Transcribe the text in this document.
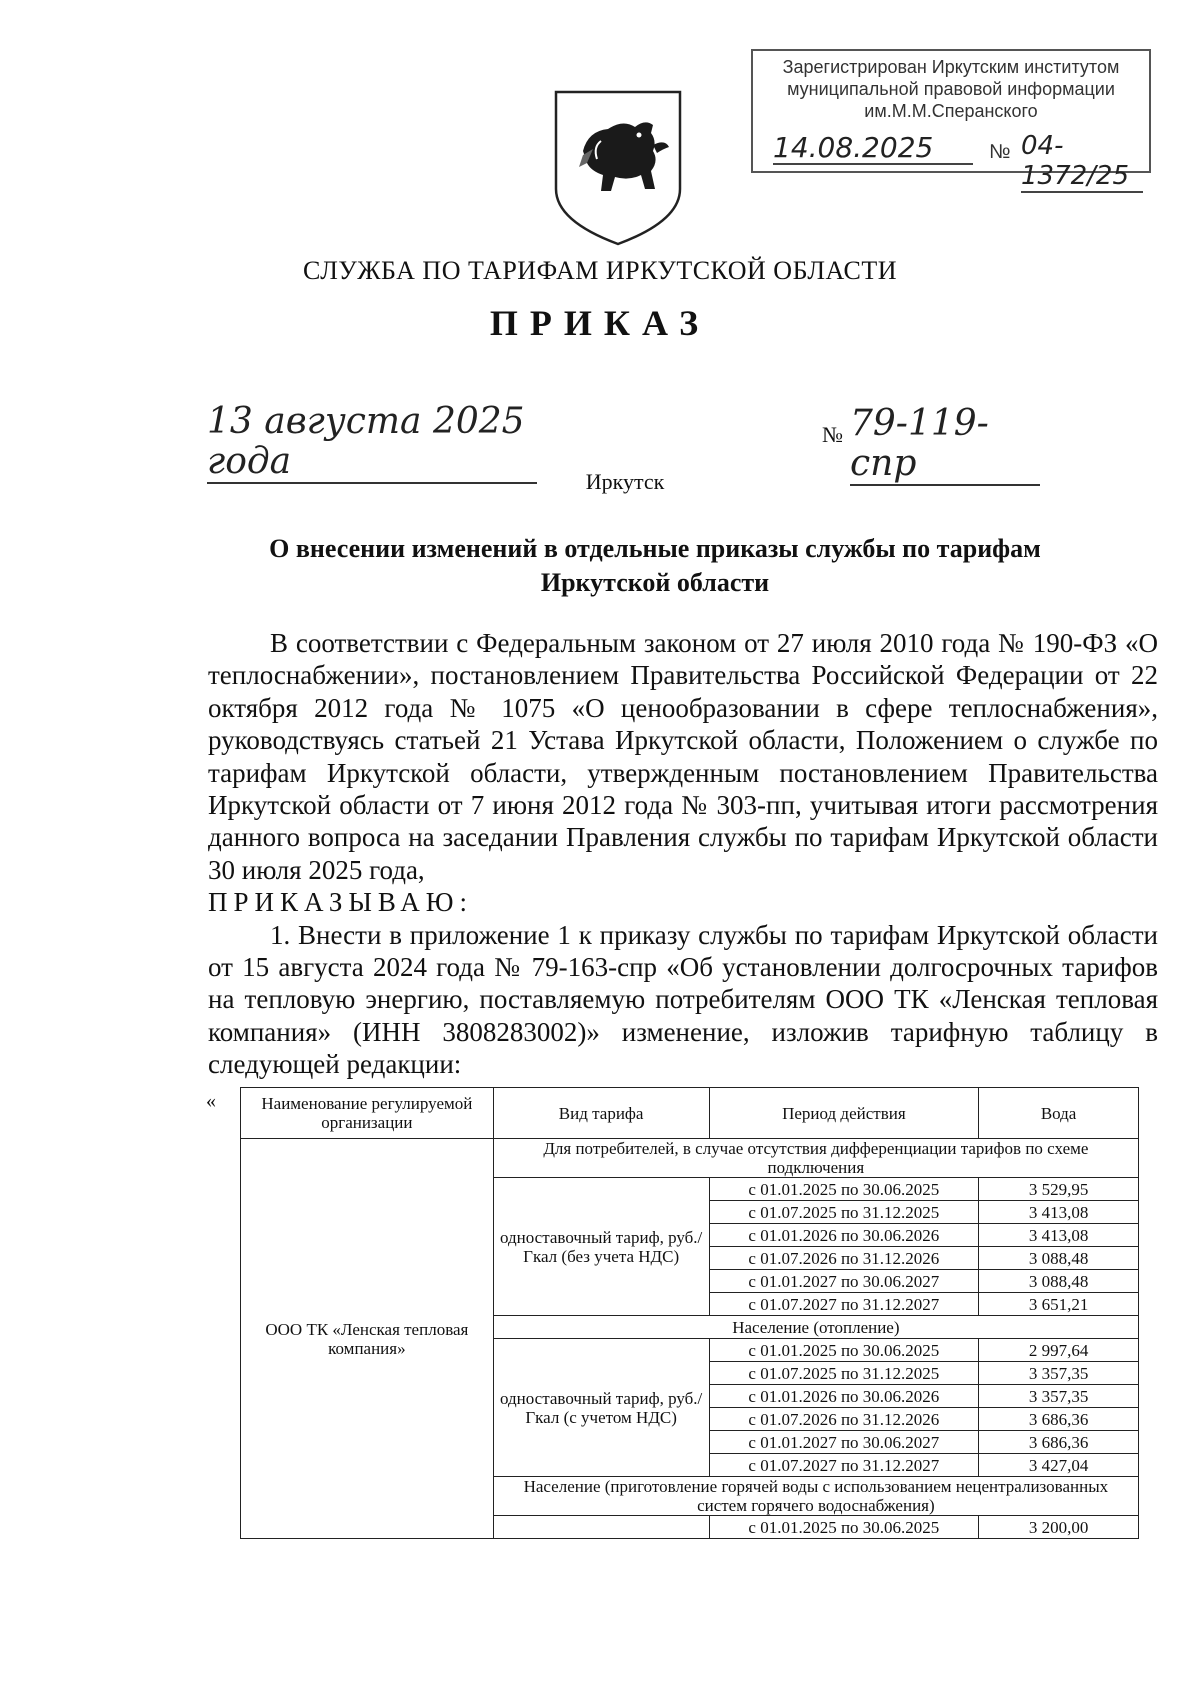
Зарегистрирован Иркутским институтом
муниципальной правовой информации
им.М.М.Сперанского
14.08.2025	№ 04-1372/25
СЛУЖБА ПО ТАРИФАМ ИРКУТСКОЙ ОБЛАСТИ
ПРИКАЗ
13 августа 2025 года
№ 79-119-спр
Иркутск
О внесении изменений в отдельные приказы службы по тарифам
Иркутской области

В соответствии с Федеральным законом от 27 июля 2010 года № 190-ФЗ «О теплоснабжении», постановлением Правительства Российской Федерации от 22 октября 2012 года № 1075 «О ценообразовании в сфере теплоснабжения», руководствуясь статьей 21 Устава Иркутской области, Положением о службе по тарифам Иркутской области, утвержденным постановлением Правительства Иркутской области от 7 июня 2012 года № 303-пп, учитывая итоги рассмотрения данного вопроса на заседании Правления службы по тарифам Иркутской области 30 июля 2025 года,

ПРИКАЗЫВАЮ:

1. Внести в приложение 1 к приказу службы по тарифам Иркутской области от 15 августа 2024 года № 79-163-спр «Об установлении долгосрочных тарифов на тепловую энергию, поставляемую потребителям ООО ТК «Ленская тепловая компания» (ИНН 3808283002)» изменение, изложив тарифную таблицу в следующей редакции:

«	Наименование регулируемой организации	Вид тарифа	Период действия	Вода
ООО ТК «Ленская тепловая компания»	Для потребителей, в случае отсутствия дифференциации тарифов по схеме подключения		
	одноставочный тариф, руб./Гкал (без учета НДС)	с 01.01.2025 по 30.06.2025	3 529,95
		с 01.07.2025 по 31.12.2025	3 413,08
		с 01.01.2026 по 30.06.2026	3 413,08
		с 01.07.2026 по 31.12.2026	3 088,48
		с 01.01.2027 по 30.06.2027	3 088,48
		с 01.07.2027 по 31.12.2027	3 651,21
	Население (отопление)		
	одноставочный тариф, руб./Гкал (с учетом НДС)	с 01.01.2025 по 30.06.2025	2 997,64
		с 01.07.2025 по 31.12.2025	3 357,35
		с 01.01.2026 по 30.06.2026	3 357,35
		с 01.07.2026 по 31.12.2026	3 686,36
		с 01.01.2027 по 30.06.2027	3 686,36
		с 01.07.2027 по 31.12.2027	3 427,04
	Население (приготовление горячей воды с использованием нецентрализованных систем горячего водоснабжения)		
		с 01.01.2025 по 30.06.2025	3 200,00
